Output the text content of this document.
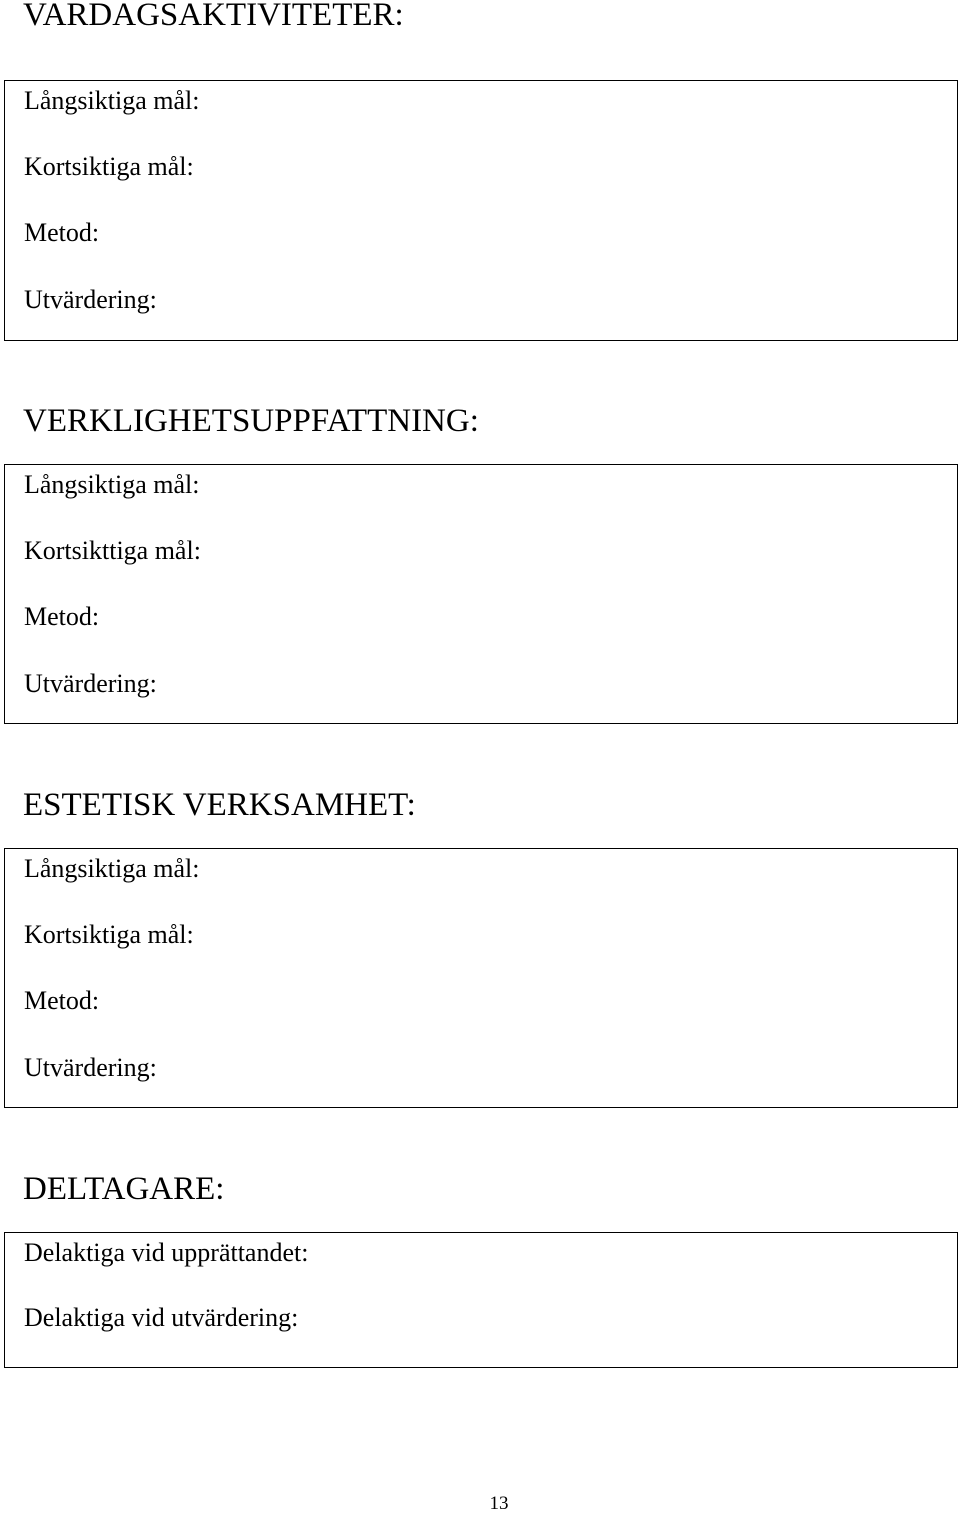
VARDAGSAKTIVITETER:
Långsiktiga mål:
Kortsiktiga mål:
Metod:
Utvärdering:
VERKLIGHETSUPPFATTNING:
Långsiktiga mål:
Kortsikttiga mål:
Metod:
Utvärdering:
ESTETISK VERKSAMHET:
Långsiktiga mål:
Kortsiktiga mål:
Metod:
Utvärdering:
DELTAGARE:
Delaktiga vid upprättandet:
Delaktiga vid utvärdering:
13
